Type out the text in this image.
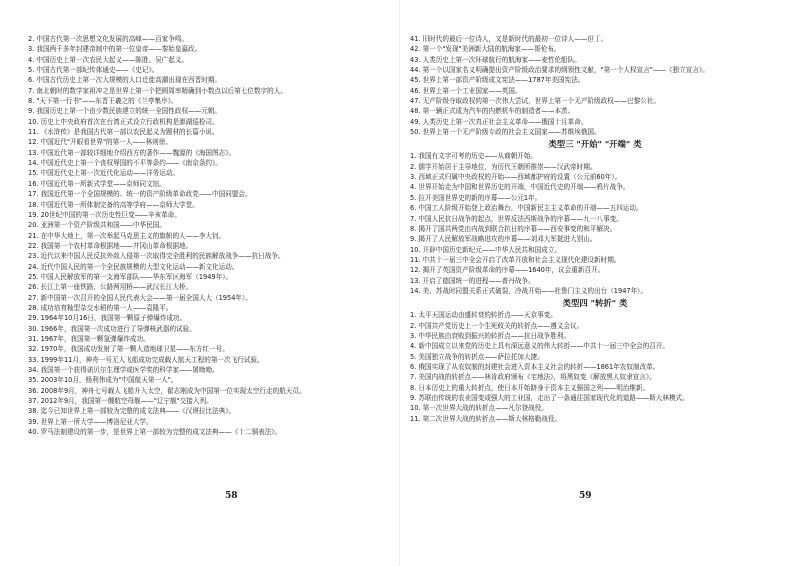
2. 中国古代第一次思想文化发展的高峰——百家争鸣。
3. 我国两千多年封建帝制中的第一位皇帝——秦始皇嬴政。
4. 中国历史上第一次农民大起义——陈胜、吴广起义。
5. 中国古代第一部纪传体通史——《史记》。
6. 中国古代历史上第一次大规模的人口迁徙高潮出现在西晋时期。
7. 南北朝时的数学家祖冲之是世界上第一个把圆周率精确到小数点以后第七位数字的人。
8. "天下第一行书"——东晋王羲之的《兰亭集序》。
9. 我国历史上第一个由少数民族建立的统一全国性政权——元朝。
10. 历史上中央政府首次在台湾正式设立行政机构是澎湖巡检司。
11. 《水浒传》是我国古代第一部以农民起义为题材的长篇小说。
12. 中国近代"开眼看世界"的第一人——林则徐。
13. 中国近代第一部较详细地介绍西方的著作——魏源的《海国图志》。
14. 中国近代史上第一个丧权辱国的不平等条约——《南京条约》。
15. 中国近代史上第一次近代化运动——洋务运动。
16. 中国近代第一所新式学堂——京师同文馆。
17. 我国近代第一个全国规模的、统一的资产阶级革命政党——中国同盟会。
18. 中国近代第一所体制完备的高等学府——京师大学堂。
19. 20世纪中国的第一次历史性巨变——辛亥革命。
20. 亚洲第一个资产阶级共和国——中华民国。
21. 在中华大地上，第一次举起马克思主义的旗帜的人——李大钊。
22. 我国第一个农村革命根据地——井冈山革命根据地。
23. 近代以来中国人民反抗外敌入侵第一次取得完全胜利的民族解放战争——抗日战争。
24. 近代中国人民的第一个全民族规模的大型文化运动——新文化运动。
25. 中国人民解放军的第一支海军部队——华东军区海军（1949年）。
26. 长江上第一座铁路、公路两用桥——武汉长江大桥。
27. 新中国第一次召开的全国人民代表大会——第一届全国人大（1954年）。
28. 成功培育籼型杂交水稻的第一人——袁隆平。
29. 1964年10月16日，我国第一颗原子弹爆炸成功。
30. 1966年，我国第一次成功进行了导弹核武器的试验。
31. 1967年，我国第一颗氢弹爆炸成功。
32. 1970年，我国成功发射了第一颗人造地球卫星——东方红一号。
33. 1999年11月，神舟一号无人飞船成功完成载人航天工程的第一次飞行试验。
34. 我国第一个获得诺贝尔生理学或医学奖的科学家——屠呦呦。
35. 2003年10月，杨利伟成为"中国航天第一人"。
36. 2008年9月，神舟七号载人飞船升入太空，翟志刚成为中国第一位实现太空行走的航天员。
37. 2012年9月，我国第一艘航空母舰——"辽宁舰"交接入列。
38. 迄今已知世界上第一部较为完整的成文法典——《汉谟拉比法典》。
39. 世界上第一所大学——博洛尼亚大学。
40. 罗马法制建设的第一步，是世界上第一部较为完整的成文法典——《十二铜表法》。
41. 旧时代的最后一位诗人，又是新时代的最初一位诗人——但丁。
42. 第一个"发现"美洲新大陆的航海家——哥伦布。
43. 人类历史上第一次环球航行的航海家——麦哲伦船队。
44. 第一个以国家名义明确提出资产阶级政治要求的纲领性文献，"第一个人权宣言"——《独立宣言》。
45. 世界上第一部资产阶级成文宪法——1787年美国宪法。
46. 世界上第一个工业国家——英国。
47. 无产阶级夺取政权的第一次伟大尝试，世界上第一个无产阶级政权——巴黎公社。
48. 第一辆正式成为汽车的内燃机车的制造者——本茨。
49. 人类历史上第一次真正社会主义革命——俄国十月革命。
50. 世界上第一个无产阶级专政的社会主义国家——苏维埃俄国。
类型三 "开始" "开端" 类
1. 我国有文字可考的历史——从商朝开始。
2. 儒学开始居于主导地位，为历代王朝所推崇——汉武帝时期。
3. 西域正式归属中央政权的开始——西域都护府的设置（公元前60年）。
4. 世界开始走为中国和世界历史的开端，中国近代史的开端——鸦片战争。
5. 拉开美国世界史的新的序幕——公元1年。
6. 中国工人阶级开始登上政治舞台，中国新民主主义革命的开端——五四运动。
7. 中国人民抗日战争的起点，世界反法西斯战争的序幕——九一八事变。
8. 揭开了国共两党由内战到联合抗日的序幕——西安事变的和平解决。
9. 揭开了人民解放军战略进攻的序幕——刘邓大军挺进大别山。
10. 开辟中国历史新纪元——中华人民共和国成立。
11. 中共十一届三中全会开启了改革开放和社会主义现代化建设新时期。
12. 揭开了英国资产阶级革命的序幕——1640年，议会重新召开。
13. 开启了德国统一的进程——普丹战争。
14. 美、苏战时同盟关系正式破裂，冷战开始——杜鲁门主义的出台（1947年）。
类型四 "转折" 类
1. 太平天国运动由盛转衰的转折点——天京事变。
2. 中国共产党历史上一个生死攸关的转折点——遵义会议。
3. 中华民族由衰败到振兴的转折点——抗日战争胜利。
4. 新中国成立以来党的历史上具有深远意义的伟大转折——中共十一届三中全会的召开。
5. 美国独立战争的转折点——萨拉托加大捷。
6. 俄国实现了从农奴制的封建社会进入资本主义社会的转折——1861年农奴制改革。
7. 美国内战的转折点——林肯政府颁布《宅地法》，将黑奴变《解放黑人奴隶宣言》。
8. 日本历史上的重大转折点，使日本开始跻身于资本主义强国之列——明治维新。
9. 苏联由传统的农业国变成强大的工业国，走出了一条通往国家现代化的道路——斯大林模式。
10. 第一次世界大战的转折点——凡尔登战役。
11. 第二次世界大战的转折点——斯大林格勒战役。
58	59
